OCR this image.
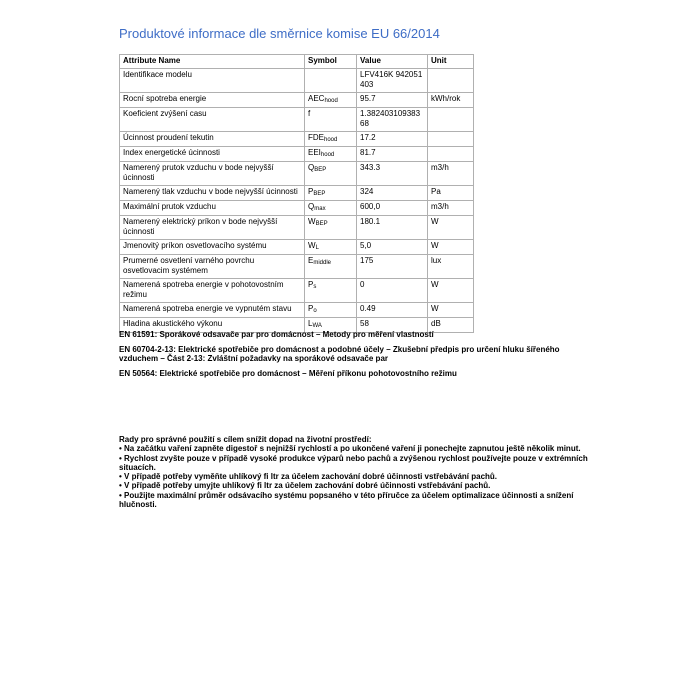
Produktové informace dle směrnice komise EU 66/2014
Attribute Name	Symbol	Value	Unit
Identifikace modelu		LFV416K 942051403	
Rocní spotreba energie	AEChood	95.7	kWh/rok
Koeficient zvýšení casu	f	1.38240310938368	
Úcinnost proudení tekutin	FDEhood	17.2	
Index energetické úcinnosti	EEIhood	81.7	
Namerený prutok vzduchu v bode nejvyšší úcinnosti	QBEP	343.3	m3/h
Namerený tlak vzduchu v bode nejvyšší úcinnosti	PBEP	324	Pa
Maximální prutok vzduchu	Qmax	600,0	m3/h
Namerený elektrický príkon v bode nejvyšší úcinnosti	WBEP	180.1	W
Jmenovitý príkon osvetlovacího systému	WL	5,0	W
Prumerné osvetlení varného povrchu osvetlovacim systémem	Emiddle	175	lux
Namerená spotreba energie v pohotovostním režimu	Ps	0	W
Namerená spotreba energie ve vypnutém stavu	Po	0.49	W
Hladina akustického výkonu	LWA	58	dB

EN 61591: Sporákové odsavače par pro domácnost – Metody pro měření vlastností

EN 60704-2-13: Elektrické spotřebiče pro domácnost a podobné účely – Zkušební předpis pro určení hluku šířeného vzduchem – Část 2-13: Zvláštní požadavky na sporákové odsavače par

EN 50564: Elektrické spotřebiče pro domácnost – Měření příkonu pohotovostního režimu

Rady pro správné použití s cílem snížit dopad na životní prostředí:
• Na začátku vaření zapněte digestoř s nejnižší rychlostí a po ukončené vaření ji ponechejte zapnutou ještě několik minut.
• Rychlost zvyšte pouze v případě vysoké produkce výparů nebo pachů a zvýšenou rychlost používejte pouze v extrémních situacích.
• V případě potřeby vyměňte uhlíkový fi ltr za účelem zachování dobré účinnosti vstřebávání pachů.
• V případě potřeby umyjte uhlíkový fi ltr za účelem zachování dobré účinnosti vstřebávání pachů.
• Použijte maximální průměr odsávacího systému popsaného v této příručce za účelem optimalizace účinnosti a snížení hlučnosti.
